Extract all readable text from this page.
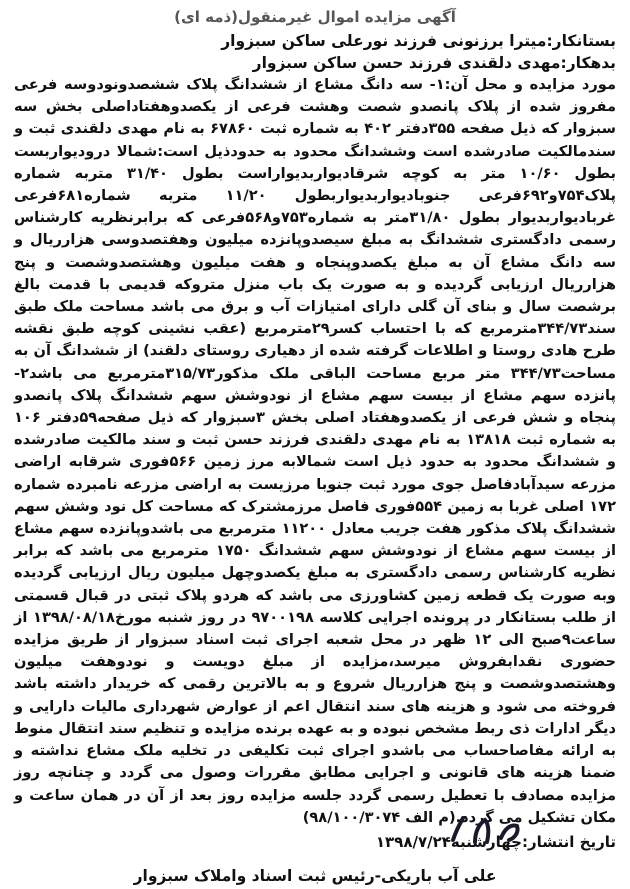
آگهی مزایده اموال غیرمنقول(ذمه ای)
بستانکار:میترا برزنونی فرزند نورعلی ساکن سبزوار
بدهکار:مهدی دلقندی فرزند حسن ساکن سبزوار
مورد مزایده و محل آن:۱- سه دانگ مشاع از ششدانگ پلاک ششصدونودوسه فرعی مفروز شده از پلاک پانصدو شصت وهشت فرعی از یکصدوهفتاداصلی بخش سه سبزوار که ذیل صفحه ۳۵۵دفتر ۴۰۲ به شماره ثبت ۶۷۸۶۰ به نام مهدی دلقندی ثبت و سندمالکیت صادرشده است وششدانگ محدود به حدودذیل است:شمالا درودیواربست بطول ۱۰/۶۰ متر به کوچه شرقادیواربدیواراست بطول ۳۱/۴۰ متربه شماره پلاک۷۵۴و۶۹۲فرعی جنوبادیواربدیواربطول ۱۱/۲۰ متربه شماره۶۸۱فرعی غربادیواربدیوار بطول ۳۱/۸۰متر به شماره۷۵۳و۵۶۸فرعی که برابرنظریه کارشناس رسمی دادگستری ششدانگ به مبلغ سیصدوپانزده میلیون وهفتصدوسی هزارریال و سه دانگ مشاع آن به مبلغ یکصدوپنجاه و هفت میلیون وهشتصدوشصت و پنج هزارریال ارزیابی گردیده و به صورت یک باب منزل متروکه قدیمی با قدمت بالغ برشصت سال و بنای آن گلی دارای امتیازات آب و برق می باشد مساحت ملک طبق سند۳۴۴/۷۳مترمربع که با احتساب کسر۲۹مترمربع (عقب نشینی کوچه طبق نقشه طرح هادی روستا و اطلاعات گرفته شده از دهیاری روستای دلقند) از ششدانگ آن به مساحت۳۴۴/۷۳ متر مربع مساحت الباقی ملک مذکور۳۱۵/۷۳مترمربع می باشد۲- پانزده سهم مشاع از بیست سهم مشاع از نودوشش سهم ششدانگ پلاک پانصدو پنجاه و شش فرعی از یکصدوهفتاد اصلی بخش ۳سبزوار که ذیل صفحه۵۹دفتر ۱۰۶ به شماره ثبت ۱۳۸۱۸ به نام مهدی دلقندی فرزند حسن ثبت و سند مالکیت صادرشده و ششدانگ محدود به حدود ذیل است شمالابه مرز زمین ۵۶۶فوری شرقابه اراضی مزرعه سیدآبادفاصل جوی مورد ثبت جنوبا مرزیست به اراضی مزرعه نامبرده شماره ۱۷۲ اصلی غربا به زمین ۵۵۴فوری فاصل مرزمشترک که مساحت کل نود وشش سهم ششدانگ پلاک مذکور هفت جریب معادل ۱۱۲۰۰ مترمربع می باشدوپانزده سهم مشاع از بیست سهم مشاع از نودوشش سهم ششدانگ ۱۷۵۰ مترمربع می باشد که برابر نظریه کارشناس رسمی دادگستری به مبلغ یکصدوچهل میلیون ریال ارزیابی گردیده وبه صورت یک قطعه زمین کشاورزی می باشد که هردو پلاک ثبتی در قبال قسمتی از طلب بستانکار در پرونده اجرایی کلاسه ۹۷۰۰۱۹۸ در روز شنبه مورخ۱۳۹۸/۰۸/۱۸ از ساعت۹صبح الی ۱۲ ظهر در محل شعبه اجرای ثبت اسناد سبزوار از طریق مزایده حضوری نقدابفروش میرسد،مزایده از مبلغ دویست و نودوهفت میلیون وهشتصدوشصت و پنج هزارریال شروع و به بالاترین رقمی که خریدار داشته باشد فروخته می شود و هزینه های سند انتقال اعم از عوارض شهرداری مالیات دارایی و دیگر ادارات ذی ربط مشخص نبوده و به عهده برنده مزایده و تنظیم سند انتقال منوط به ارائه مفاصاحساب می باشدو اجرای ثبت تکلیفی در تخلیه ملک مشاع نداشته و ضمنا هزینه های قانونی و اجرایی مطابق مقررات وصول می گردد و چنانچه روز مزایده مصادف با تعطیل رسمی گردد جلسه مزایده روز بعد از آن در همان ساعت و مکان تشکیل می گردد.(م الف ۹۸/۱۰۰/۳۰۷۴)
تاریخ انتشار:چهارشنبه۱۳۹۸/۷/۲۴
علی آب باریکی-رئیس ثبت اسناد واملاک سبزوار
